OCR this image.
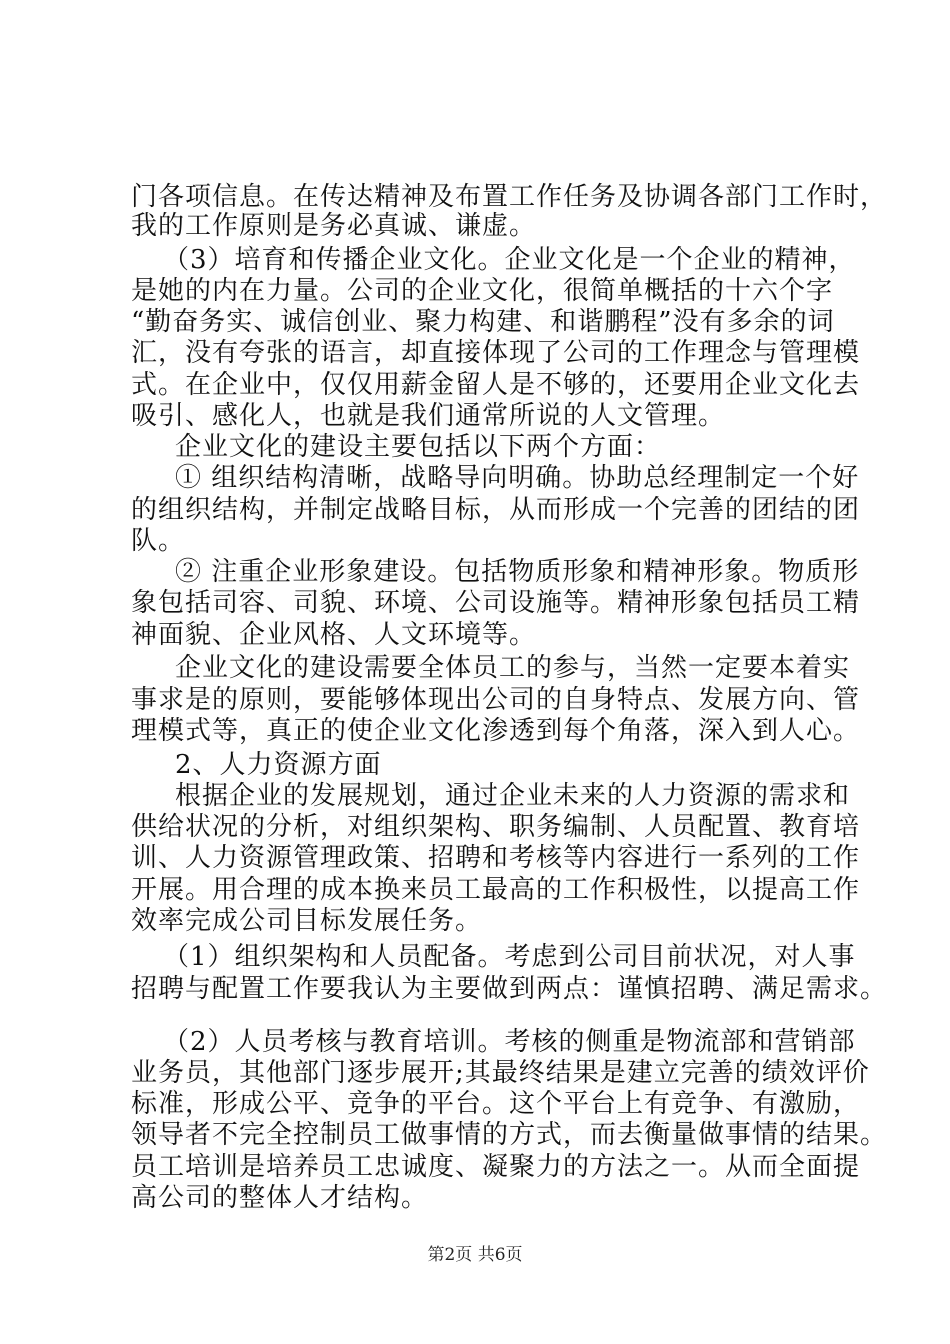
门各项信息。在传达精神及布置工作任务及协调各部门工作时，
我的工作原则是务必真诚、谦虚。
（3）培育和传播企业文化。企业文化是一个企业的精神，
是她的内在力量。公司的企业文化，很简单概括的十六个字
“勤奋务实、诚信创业、聚力构建、和谐鹏程”没有多余的词
汇，没有夸张的语言，却直接体现了公司的工作理念与管理模
式。在企业中，仅仅用薪金留人是不够的，还要用企业文化去
吸引、感化人，也就是我们通常所说的人文管理。
企业文化的建设主要包括以下两个方面：
① 组织结构清晰，战略导向明确。协助总经理制定一个好
的组织结构，并制定战略目标，从而形成一个完善的团结的团
队。
② 注重企业形象建设。包括物质形象和精神形象。物质形
象包括司容、司貌、环境、公司设施等。精神形象包括员工精
神面貌、企业风格、人文环境等。
企业文化的建设需要全体员工的参与，当然一定要本着实
事求是的原则，要能够体现出公司的自身特点、发展方向、管
理模式等，真正的使企业文化渗透到每个角落，深入到人心。
2、人力资源方面
根据企业的发展规划，通过企业未来的人力资源的需求和
供给状况的分析，对组织架构、职务编制、人员配置、教育培
训、人力资源管理政策、招聘和考核等内容进行一系列的工作
开展。用合理的成本换来员工最高的工作积极性，以提高工作
效率完成公司目标发展任务。
（1）组织架构和人员配备。考虑到公司目前状况，对人事
招聘与配置工作要我认为主要做到两点：谨慎招聘、满足需求。
（2）人员考核与教育培训。考核的侧重是物流部和营销部
业务员，其他部门逐步展开;其最终结果是建立完善的绩效评价
标准，形成公平、竞争的平台。这个平台上有竞争、有激励，
领导者不完全控制员工做事情的方式，而去衡量做事情的结果。
员工培训是培养员工忠诚度、凝聚力的方法之一。从而全面提
高公司的整体人才结构。
第2页 共6页
